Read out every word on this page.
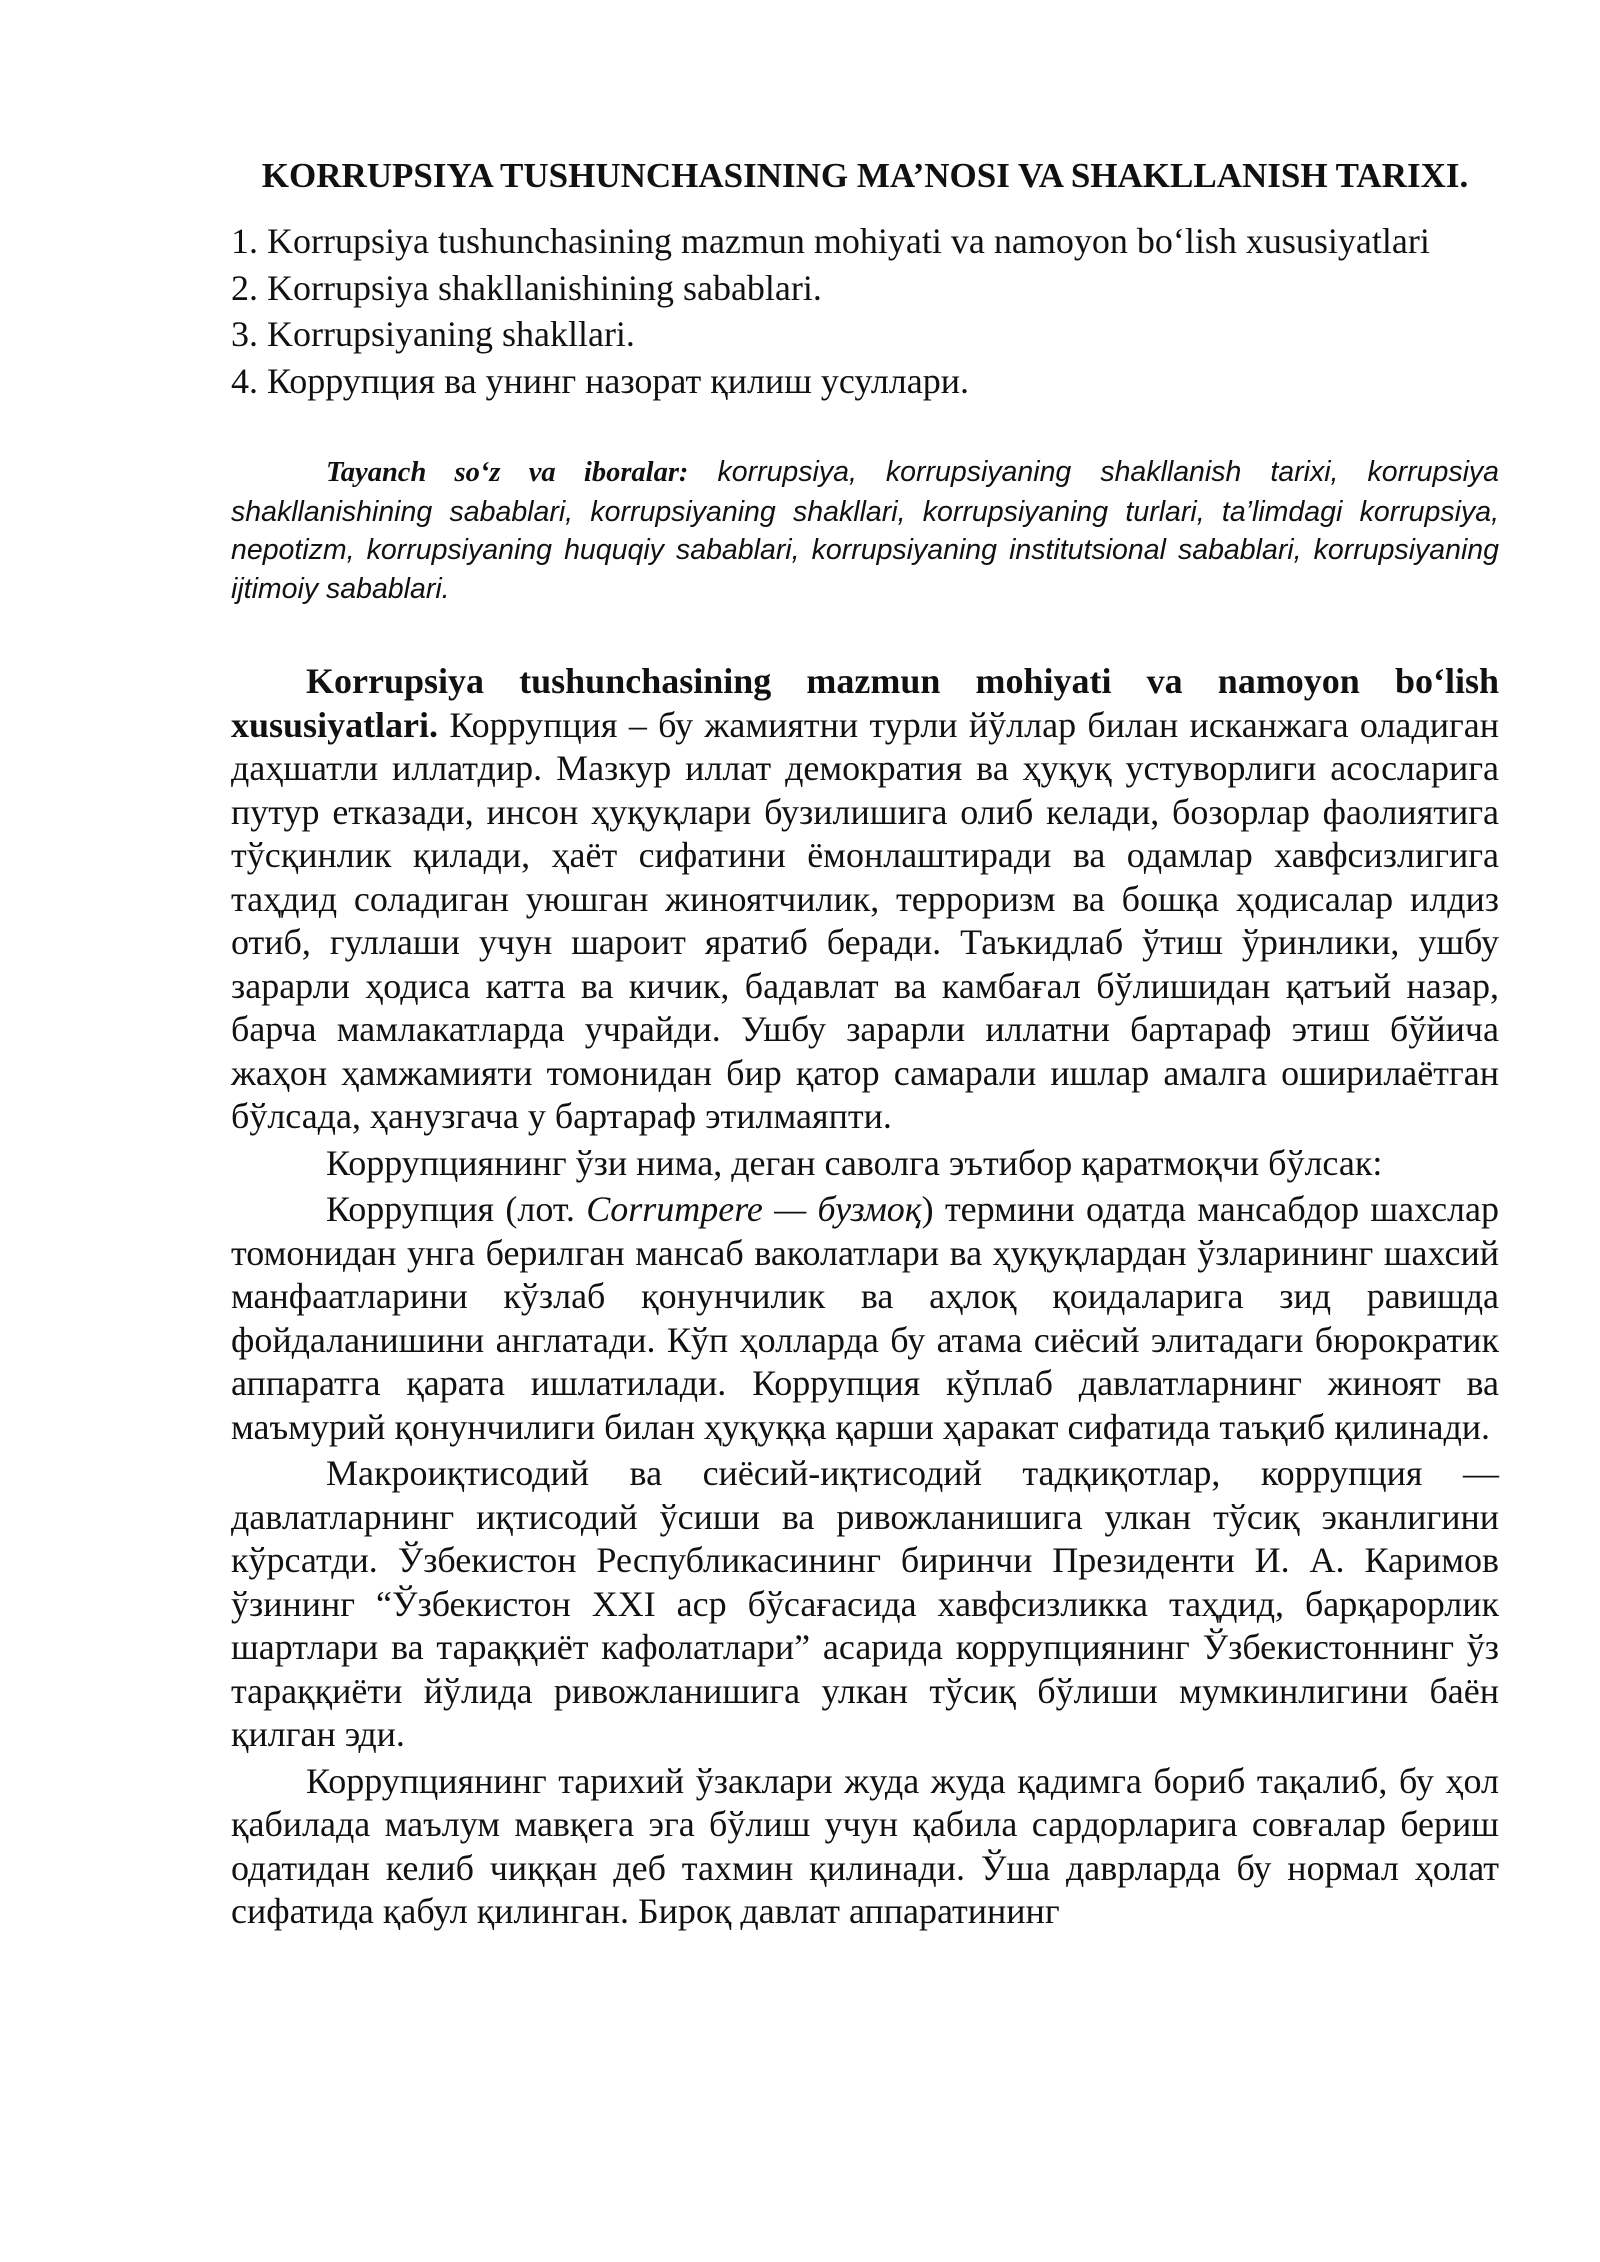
KORRUPSIYA TUSHUNCHASINING MA’NOSI VA SHAKLLANISH TARIXI.
1. Korrupsiya tushunchasining mazmun mohiyati va namoyon bo‘lish xususiyatlari
2. Korrupsiya shakllanishining sabablari.
3. Korrupsiyaning shakllari.
4. Коррупция ва унинг назорат қилиш усуллари.
Tayanch so‘z va iboralar: korrupsiya, korrupsiyaning shakllanish tarixi, korrupsiya shakllanishining sabablari, korrupsiyaning shakllari, korrupsiyaning turlari, ta’limdagi korrupsiya, nepotizm, korrupsiyaning huquqiy sabablari, korrupsiyaning institutsional sabablari, korrupsiyaning ijtimoiy sabablari.
Korrupsiya tushunchasining mazmun mohiyati va namoyon bo‘lish xususiyatlari. Коррупция – бу жамиятни турли йўллар билан исканжага оладиган даҳшатли иллатдир. Мазкур иллат демократия ва ҳуқуқ устуворлиги асосларига путур етказади, инсон ҳуқуқлари бузилишига олиб келади, бозорлар фаолиятига тўсқинлик қилади, ҳаёт сифатини ёмонлаштиради ва одамлар хавфсизлигига таҳдид соладиган уюшган жиноятчилик, терроризм ва бошқа ҳодисалар илдиз отиб, гуллаши учун шароит яратиб беради. Таъкидлаб ўтиш ўринлики, ушбу зарарли ҳодиса катта ва кичик, бадавлат ва камбағал бўлишидан қатъий назар, барча мамлакатларда учрайди. Ушбу зарарли иллатни бартараф этиш бўйича жаҳон ҳамжамияти томонидан бир қатор самарали ишлар амалга оширилаётган бўлсада, ҳанузгача у бартараф этилмаяпти.
Коррупциянинг ўзи нима, деган саволга эътибор қаратмоқчи бўлсак:
Коррупция (лот. Corrumpere — бузмоқ) термини одатда мансабдор шахслар томонидан унга берилган мансаб ваколатлари ва ҳуқуқлардан ўзларининг шахсий манфаатларини кўзлаб қонунчилик ва аҳлоқ қоидаларига зид равишда фойдаланишини англатади. Кўп ҳолларда бу атама сиёсий элитадаги бюрократик аппаратга қарата ишлатилади. Коррупция кўплаб давлатларнинг жиноят ва маъмурий қонунчилиги билан ҳуқуққа қарши ҳаракат сифатида таъқиб қилинади.
Макроиқтисодий ва сиёсий-иқтисодий тадқиқотлар, коррупция — давлатларнинг иқтисодий ўсиши ва ривожланишига улкан тўсиқ эканлигини кўрсатди. Ўзбекистон Республикасининг биринчи Президенти И. А. Каримов ўзининг “Ўзбекистон XXI аср бўсағасида хавфсизликка таҳдид, барқарорлик шартлари ва тараққиёт кафолатлари” асарида коррупциянинг Ўзбекистоннинг ўз тараққиёти йўлида ривожланишига улкан тўсиқ бўлиши мумкинлигини баён қилган эди.
Коррупциянинг тарихий ўзаклари жуда жуда қадимга бориб тақалиб, бу ҳол қабилада маълум мавқега эга бўлиш учун қабила сардорларига совғалар бериш одатидан келиб чиққан деб тахмин қилинади. Ўша даврларда бу нормал ҳолат сифатида қабул қилинган. Бироқ давлат аппаратининг
